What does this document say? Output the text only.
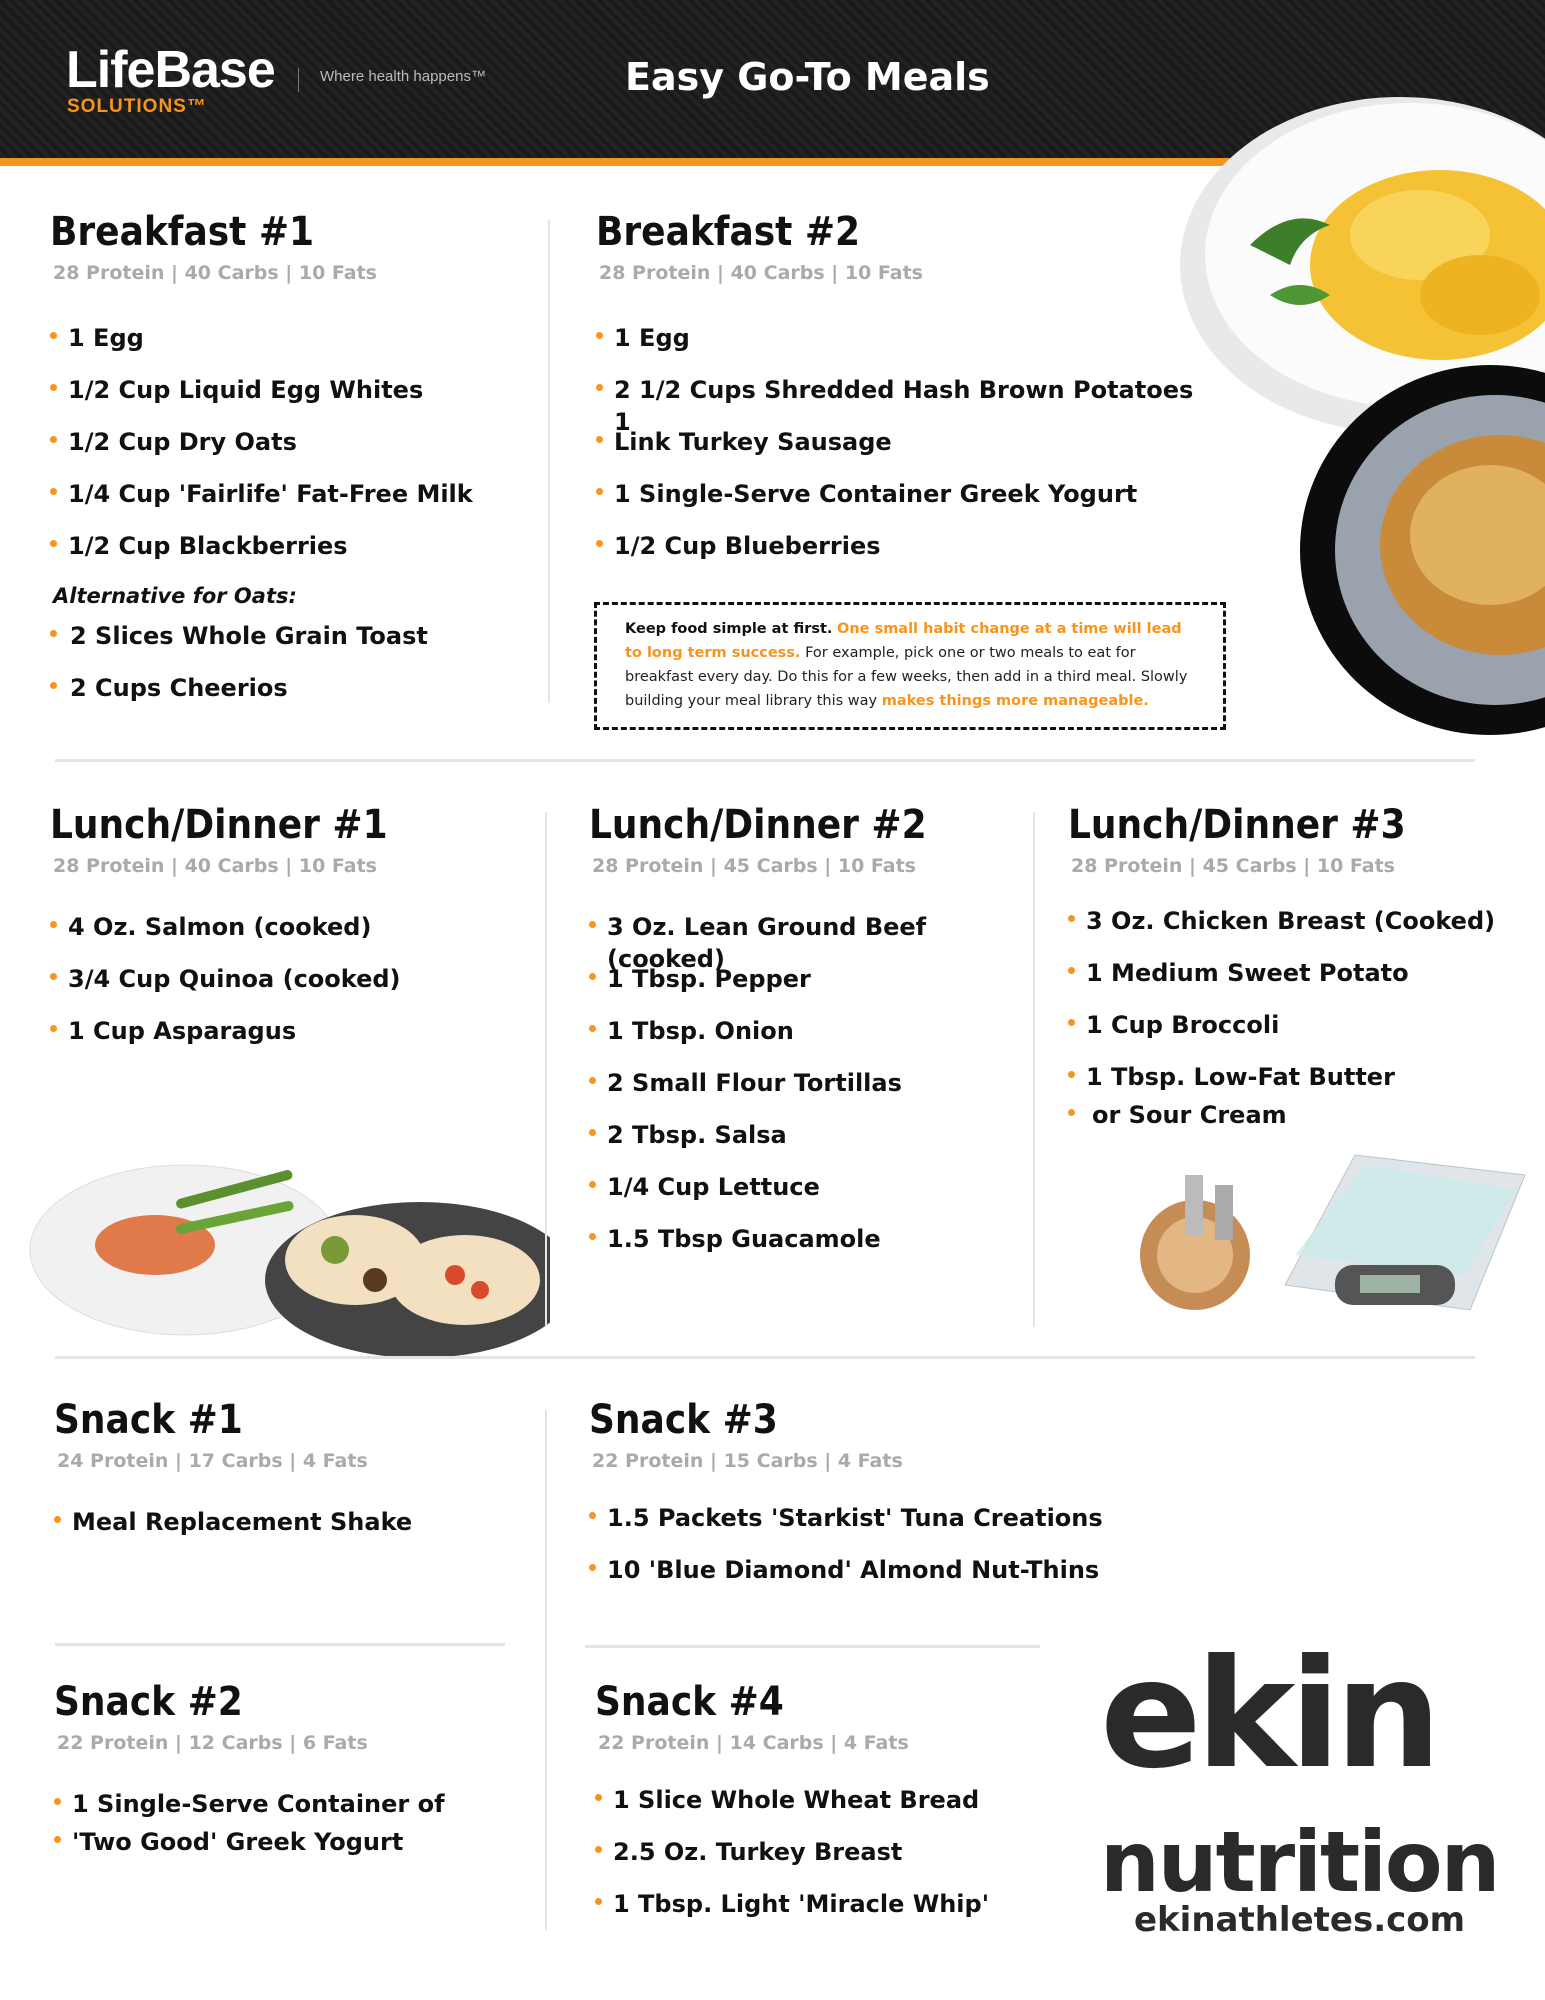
LifeBase
SOLUTIONS™
Where health happens™	Easy Go-To Meals
Breakfast #1
28 Protein | 40 Carbs | 10 Fats
1 Egg
1/2 Cup Liquid Egg Whites
1/2 Cup Dry Oats
1/4 Cup 'Fairlife' Fat-Free Milk
1/2 Cup Blackberries
Alternative for Oats:
2 Slices Whole Grain Toast
2 Cups Cheerios
Breakfast #2
28 Protein | 40 Carbs | 10 Fats
1 Egg
2 1/2 Cups Shredded Hash Brown Potatoes 1
Link Turkey Sausage
1 Single-Serve Container Greek Yogurt
1/2 Cup Blueberries
Keep food simple at first. One small habit change at a time will lead to long term success. For example, pick one or two meals to eat for breakfast every day. Do this for a few weeks, then add in a third meal. Slowly building your meal library this way makes things more manageable.
Lunch/Dinner #1
28 Protein | 40 Carbs | 10 Fats
4 Oz. Salmon (cooked)
3/4 Cup Quinoa (cooked)
1 Cup Asparagus
Lunch/Dinner #2
28 Protein | 45 Carbs | 10 Fats
3 Oz. Lean Ground Beef (cooked)
1 Tbsp. Pepper
1 Tbsp. Onion
2 Small Flour Tortillas
2 Tbsp. Salsa
1/4 Cup Lettuce
1.5 Tbsp Guacamole
Lunch/Dinner #3
28 Protein | 45 Carbs | 10 Fats
3 Oz. Chicken Breast (Cooked)
1 Medium Sweet Potato
1 Cup Broccoli
1 Tbsp. Low-Fat Butter
or Sour Cream
Snack #1
24 Protein | 17 Carbs | 4 Fats
Meal Replacement Shake
Snack #2
22 Protein | 12 Carbs | 6 Fats
1 Single-Serve Container of
'Two Good' Greek Yogurt
Snack #3
22 Protein | 15 Carbs | 4 Fats
1.5 Packets 'Starkist' Tuna Creations
10 'Blue Diamond' Almond Nut-Thins
Snack #4
22 Protein | 14 Carbs | 4 Fats
1 Slice Whole Wheat Bread
2.5 Oz. Turkey Breast
1 Tbsp. Light 'Miracle Whip'
ekin
nutrition
ekinathletes.com
